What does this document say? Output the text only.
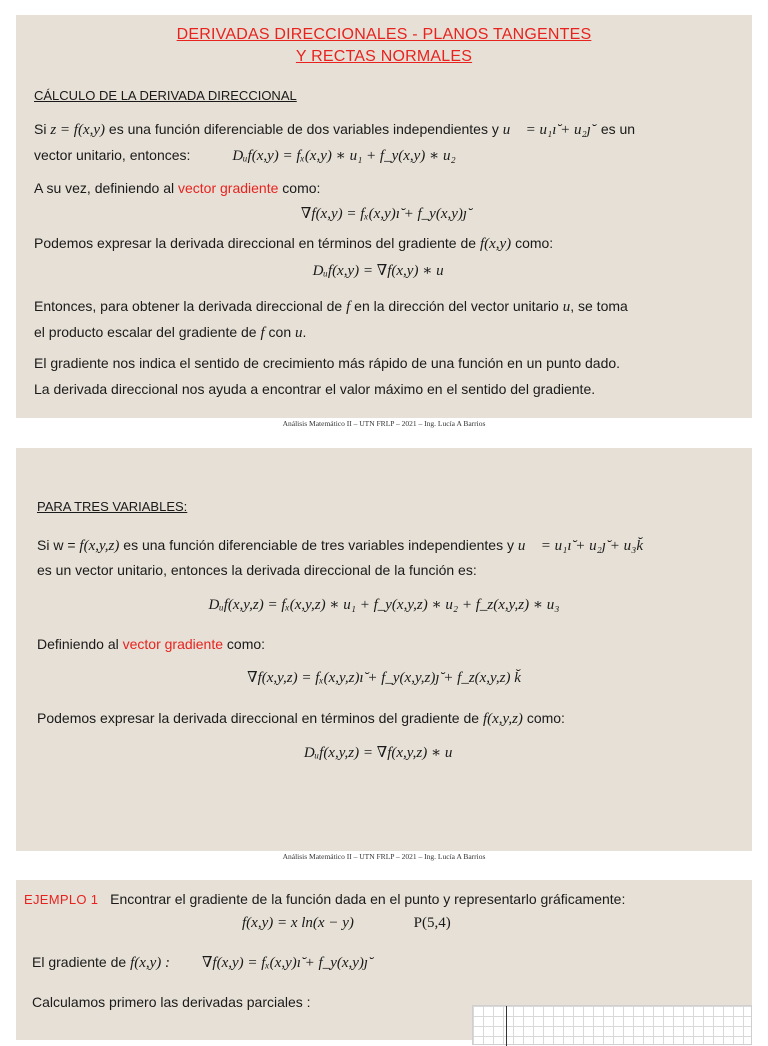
DERIVADAS DIRECCIONALES - PLANOS TANGENTES

Y RECTAS NORMALES

CÁLCULO DE LA DERIVADA DIRECCIONAL

Si z = f(x,y) es una función diferenciable de dos variables independientes y u⃗ = u₁ı̆ + u₂ȷ̆ es un
vector unitario, entonces:	Dᵤf(x,y) = fₓ(x,y) ∗ u₁ + f_y(x,y) ∗ u₂
A su vez, definiendo al vector gradiente como:

∇f(x,y) = fₓ(x,y)ı̆ + f_y(x,y)ȷ̆

Podemos expresar la derivada direccional en términos del gradiente de f(x,y) como:

Dᵤf(x,y) = ∇f(x,y) ∗ u⃗

Entonces, para obtener la derivada direccional de f en la dirección del vector unitario u, se toma
el producto escalar del gradiente de f con u.

El gradiente nos indica el sentido de crecimiento más rápido de una función en un punto dado.

La derivada direccional nos ayuda a encontrar el valor máximo en el sentido del gradiente.

Análisis Matemático II – UTN FRLP – 2021 – Ing. Lucía A Barrios

PARA TRES VARIABLES:

Si w = f(x,y,z) es una función diferenciable de tres variables independientes y u⃗ = u₁ı̆ + u₂ȷ̆ + u₃k̆

es un vector unitario, entonces la derivada direccional de la función es:

Dᵤf(x,y,z) = fₓ(x,y,z) ∗ u₁ + f_y(x,y,z) ∗ u₂ + f_z(x,y,z) ∗ u₃

Definiendo al vector gradiente como:

∇f(x,y,z) = fₓ(x,y,z)ı̆ + f_y(x,y,z)ȷ̆ + f_z(x,y,z) k̆

Podemos expresar la derivada direccional en términos del gradiente de f(x,y,z) como:

Dᵤf(x,y,z) = ∇f(x,y,z) ∗ u⃗

Análisis Matemático II – UTN FRLP – 2021 – Ing. Lucía A Barrios
EJEMPLO 1 Encontrar el gradiente de la función dada en el punto y representarlo gráficamente:
f(x,y) = x ln(x − y)	P(5,4)
El gradiente de f(x,y) : ∇f(x,y) = fₓ(x,y)ı̆ + f_y(x,y)ȷ̆

Calculamos primero las derivadas parciales :
